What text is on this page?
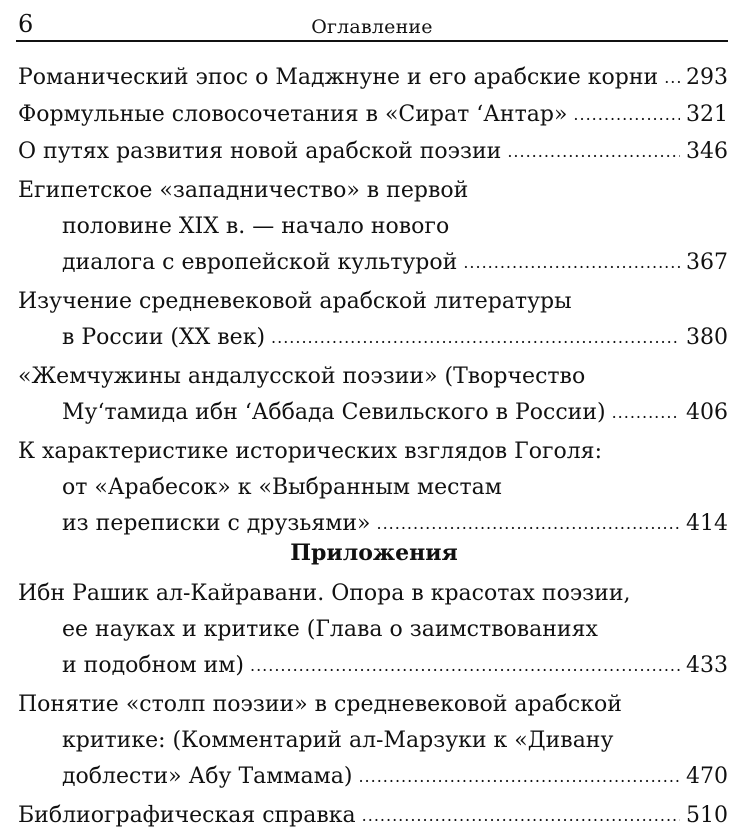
6	Оглавление
Романический эпос о Маджнуне и его арабские корни ..... 293
Формульные словосочетания в «Сират ‘Антар» .....	321
О путях развития новой арабской поэзии .....	346
Египетское «западничество» в первой
половине XIX в. — начало нового
диалога с европейской культурой .....	367
Изучение средневековой арабской литературы
в России (XX век) .....	380
«Жемчужины андалусской поэзии» (Творчество
Му‘тамида ибн ‘Аббада Севильского в России) .....	406
К характеристике исторических взглядов Гоголя:
от «Арабесок» к «Выбранным местам
из переписки с друзьями» .....	414
Приложения
Ибн Рашик ал-Кайравани. Опора в красотах поэзии,
ее науках и критике (Глава о заимствованиях
и подобном им) .....	433
Понятие «столп поэзии» в средневековой арабской
критике: (Комментарий ал-Марзуки к «Дивану
доблести» Абу Таммама) .....	470
Библиографическая справка .....	510
